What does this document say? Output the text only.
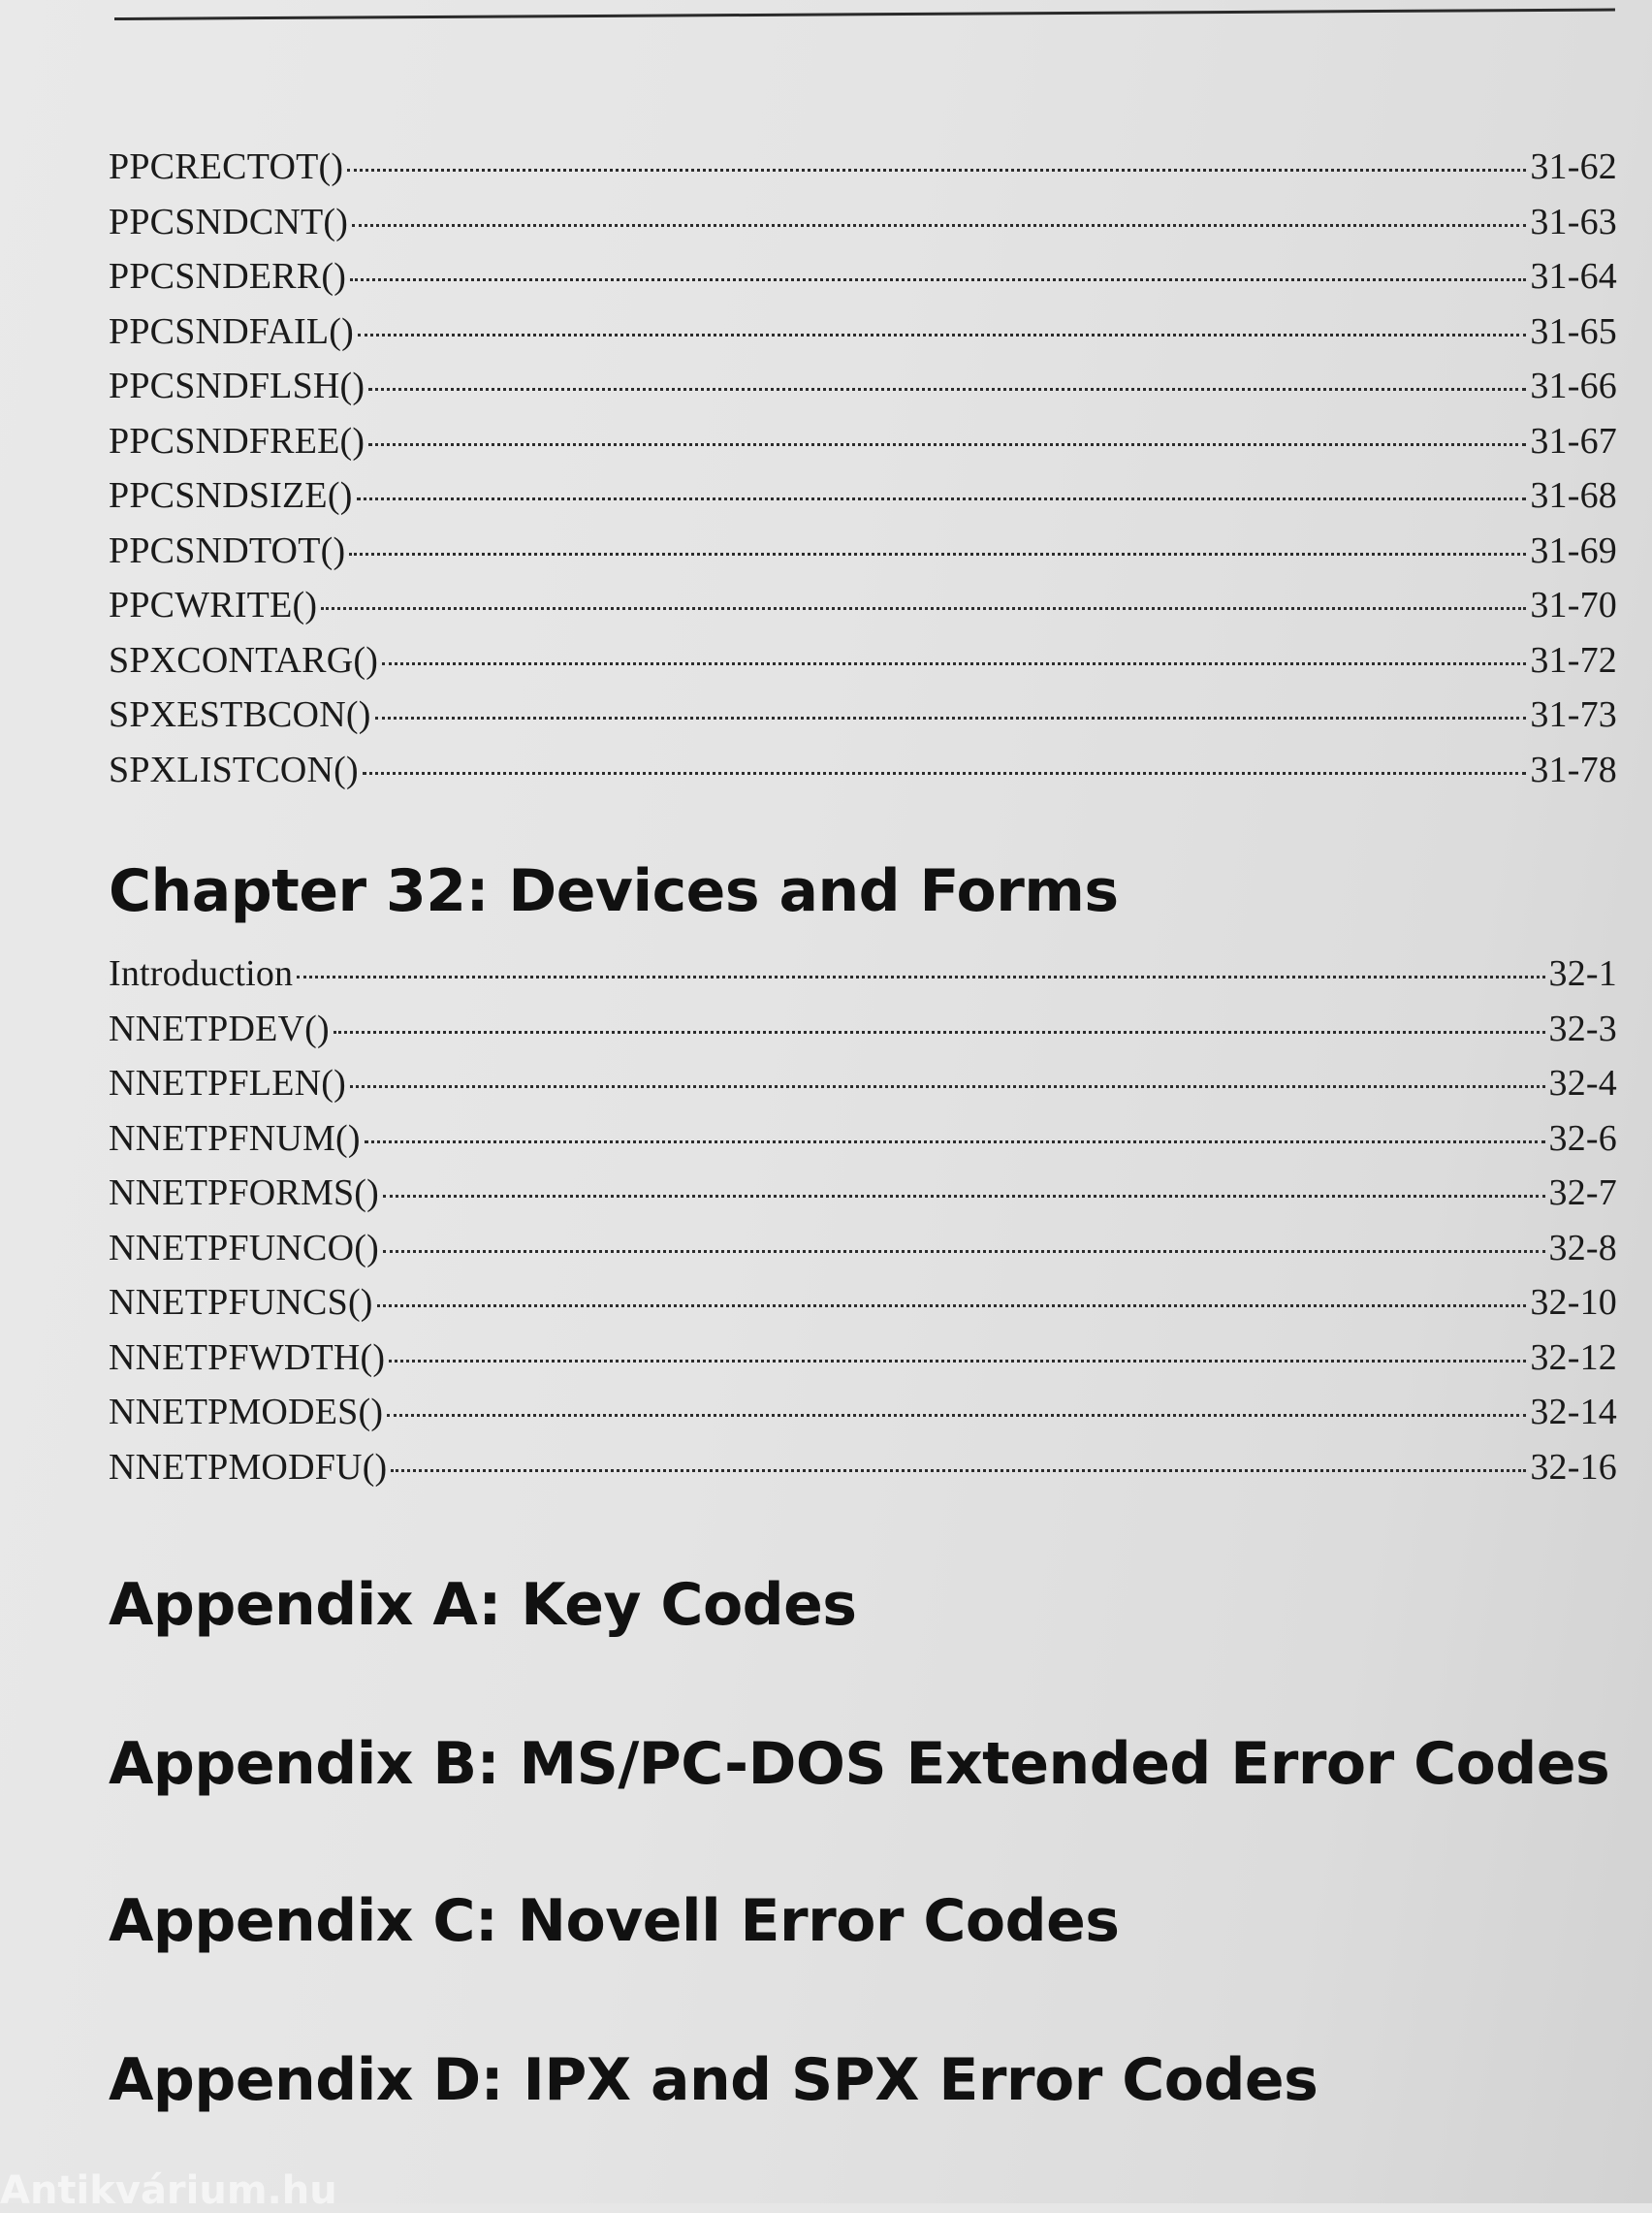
PPCRECTOT()	31-62
PPCSNDCNT()	31-63
PPCSNDERR()	31-64
PPCSNDFAIL()	31-65
PPCSNDFLSH()	31-66
PPCSNDFREE()	31-67
PPCSNDSIZE()	31-68
PPCSNDTOT()	31-69
PPCWRITE()	31-70
SPXCONTARG()	31-72
SPXESTBCON()	31-73
SPXLISTCON()	31-78
Chapter 32: Devices and Forms
Introduction	32-1
NNETPDEV()	32-3
NNETPFLEN()	32-4
NNETPFNUM()	32-6
NNETPFORMS()	32-7
NNETPFUNCO()	32-8
NNETPFUNCS()	32-10
NNETPFWDTH()	32-12
NNETPMODES()	32-14
NNETPMODFU()	32-16
Appendix A: Key Codes
Appendix B: MS/PC-DOS Extended Error Codes
Appendix C: Novell Error Codes
Appendix D: IPX and SPX Error Codes
Antikvárium.hu
